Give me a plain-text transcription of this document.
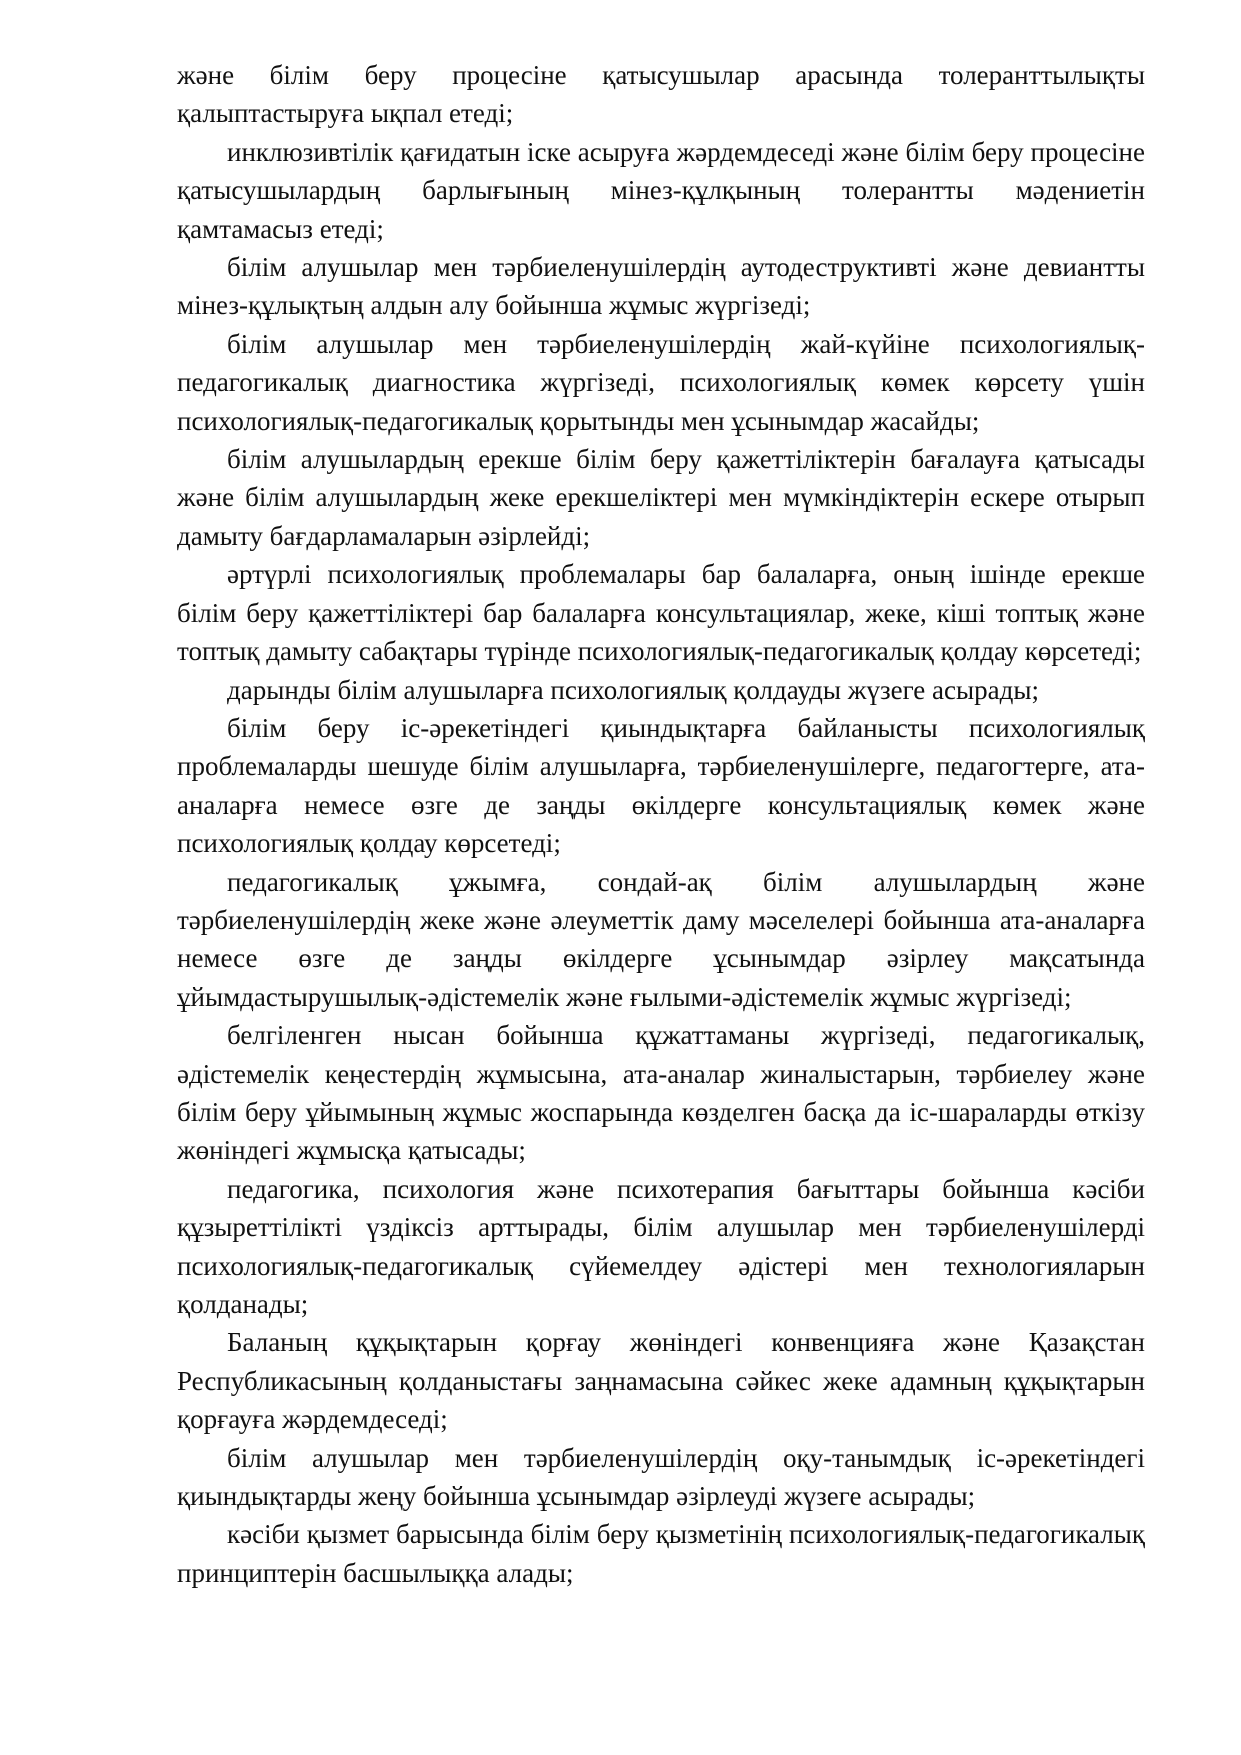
және білім беру процесіне қатысушылар арасында толеранттылықты қалыптастыруға ықпал етеді;

инклюзивтілік қағидатын іске асыруға жәрдемдеседі және білім беру процесіне қатысушылардың барлығының мінез-құлқының толерантты мәдениетін қамтамасыз етеді;

білім алушылар мен тәрбиеленушілердің аутодеструктивті және девиантты мінез-құлықтың алдын алу бойынша жұмыс жүргізеді;

білім алушылар мен тәрбиеленушілердің жай-күйіне психологиялық-педагогикалық диагностика жүргізеді, психологиялық көмек көрсету үшін психологиялық-педагогикалық қорытынды мен ұсынымдар жасайды;

білім алушылардың ерекше білім беру қажеттіліктерін бағалауға қатысады және білім алушылардың жеке ерекшеліктері мен мүмкіндіктерін ескере отырып дамыту бағдарламаларын әзірлейді;

әртүрлі психологиялық проблемалары бар балаларға, оның ішінде ерекше білім беру қажеттіліктері бар балаларға консультациялар, жеке, кіші топтық және топтық дамыту сабақтары түрінде психологиялық-педагогикалық қолдау көрсетеді;

дарынды білім алушыларға психологиялық қолдауды жүзеге асырады;

білім беру іс-әрекетіндегі қиындықтарға байланысты психологиялық проблемаларды шешуде білім алушыларға, тәрбиеленушілерге, педагогтерге, ата-аналарға немесе өзге де заңды өкілдерге консультациялық көмек және психологиялық қолдау көрсетеді;

педагогикалық ұжымға, сондай-ақ білім алушылардың және тәрбиеленушілердің жеке және әлеуметтік даму мәселелері бойынша ата-аналарға немесе өзге де заңды өкілдерге ұсынымдар әзірлеу мақсатында ұйымдастырушылық-әдістемелік және ғылыми-әдістемелік жұмыс жүргізеді;

белгіленген нысан бойынша құжаттаманы жүргізеді, педагогикалық, әдістемелік кеңестердің жұмысына, ата-аналар жиналыстарын, тәрбиелеу және білім беру ұйымының жұмыс жоспарында көзделген басқа да іс-шараларды өткізу жөніндегі жұмысқа қатысады;

педагогика, психология және психотерапия бағыттары бойынша кәсіби құзыреттілікті үздіксіз арттырады, білім алушылар мен тәрбиеленушілерді психологиялық-педагогикалық сүйемелдеу әдістері мен технологияларын қолданады;

Баланың құқықтарын қорғау жөніндегі конвенцияға және Қазақстан Республикасының қолданыстағы заңнамасына сәйкес жеке адамның құқықтарын қорғауға жәрдемдеседі;

білім алушылар мен тәрбиеленушілердің оқу-танымдық іс-әрекетіндегі қиындықтарды жеңу бойынша ұсынымдар әзірлеуді жүзеге асырады;

кәсіби қызмет барысында білім беру қызметінің психологиялық-педагогикалық принциптерін басшылыққа алады;
